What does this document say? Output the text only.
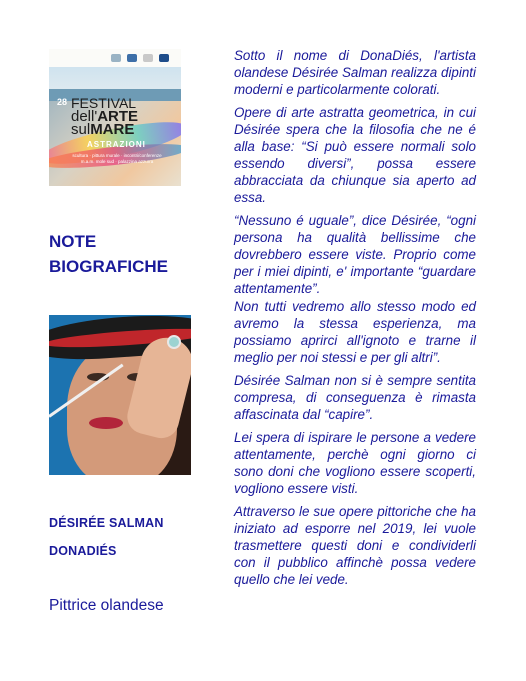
28 FESTIVAL
dell'ARTE
sulMARE
ASTRAZIONI
scultura · pittura murale · incontri/conferenze
m.a.m. mole sud · palazzina azzurra
NOTE
BIOGRAFICHE
DÉSIRÉE SALMAN
DONADIÉS
Pittrice olandese

Sotto il nome di DonaDiés, l'artista olandese Désirée Salman realizza dipinti moderni e particolarmente colorati.

Opere di arte astratta geometrica, in cui Désirée spera che la filosofia che ne é alla base: “Si può essere normali solo essendo diversi”, possa essere abbracciata da chiunque sia aperto ad essa.

“Nessuno é uguale”, dice Désirée, “ogni persona ha qualità bellissime che dovrebbero essere viste. Proprio come per i miei dipinti, e' importante “guardare attentamente”.

Non tutti vedremo allo stesso modo ed avremo la stessa esperienza, ma possiamo aprirci all'ignoto e trarne il meglio per noi stessi e per gli altri”.

Désirée Salman non si è sempre sentita compresa, di conseguenza è rimasta affascinata dal “capire”.

Lei spera di ispirare le persone a vedere attentamente, perchè ogni giorno ci sono doni che vogliono essere scoperti, vogliono essere visti.

Attraverso le sue opere pittoriche che ha iniziato ad esporre nel 2019, lei vuole trasmettere questi doni e condividerli con il pubblico affinchè possa vedere quello che lei vede.
